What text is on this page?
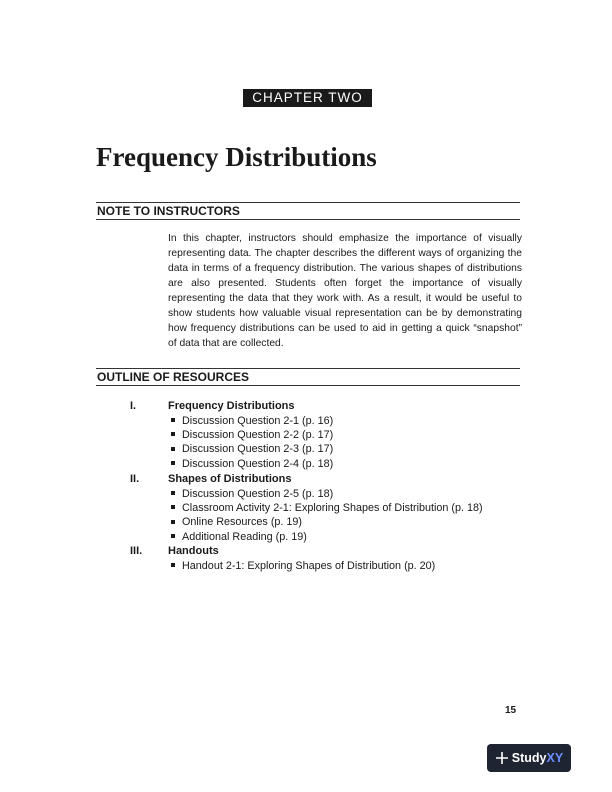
CHAPTER TWO
Frequency Distributions
NOTE TO INSTRUCTORS

In this chapter, instructors should emphasize the importance of visually representing data. The chapter describes the different ways of organizing the data in terms of a frequency distribution. The various shapes of distributions are also presented. Students often forget the importance of visually representing the data that they work with. As a result, it would be useful to show students how valuable visual representation can be by demonstrating how frequency distributions can be used to aid in getting a quick “snapshot” of data that are collected.

OUTLINE OF RESOURCES
I.	Frequency Distributions
Discussion Question 2-1 (p. 16)
Discussion Question 2-2 (p. 17)
Discussion Question 2-3 (p. 17)
Discussion Question 2-4 (p. 18)
II.	Shapes of Distributions
Discussion Question 2-5 (p. 18)
Classroom Activity 2-1: Exploring Shapes of Distribution (p. 18)
Online Resources (p. 19)
Additional Reading (p. 19)
III. Handouts
Handout 2-1: Exploring Shapes of Distribution (p. 20)
15
Study XY
